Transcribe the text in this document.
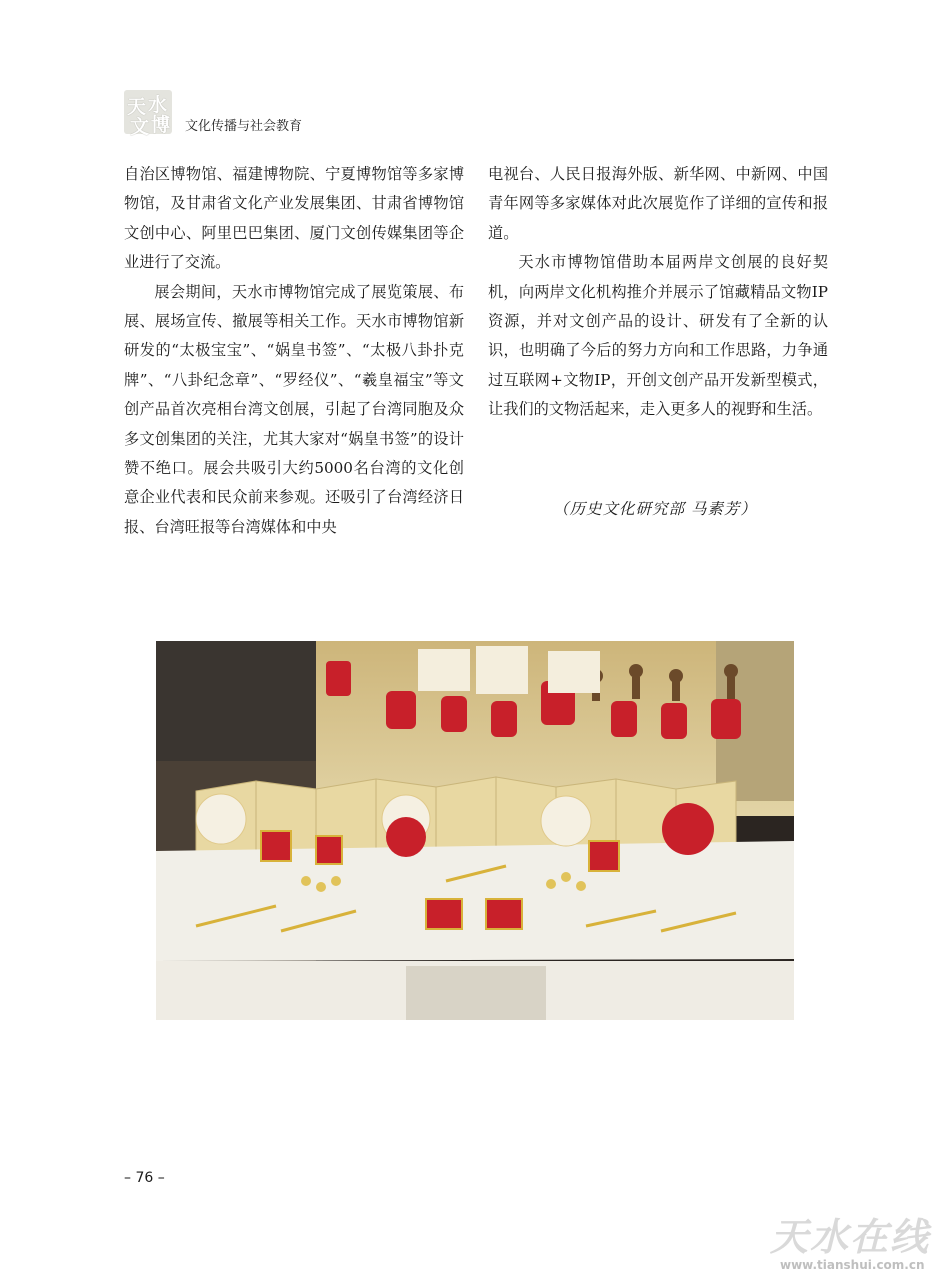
天 水
文 博 文化传播与社会教育

自治区博物馆、福建博物院、宁夏博物馆等多家博物馆，及甘肃省文化产业发展集团、甘肃省博物馆文创中心、阿里巴巴集团、厦门文创传媒集团等企业进行了交流。

展会期间，天水市博物馆完成了展览策展、布展、展场宣传、撤展等相关工作。天水市博物馆新研发的“太极宝宝”、“娲皇书签”、“太极八卦扑克牌”、“八卦纪念章”、“罗经仪”、“羲皇福宝”等文创产品首次亮相台湾文创展，引起了台湾同胞及众多文创集团的关注，尤其大家对“娲皇书签”的设计赞不绝口。展会共吸引大约5000名台湾的文化创意企业代表和民众前来参观。还吸引了台湾经济日报、台湾旺报等台湾媒体和中央

电视台、人民日报海外版、新华网、中新网、中国青年网等多家媒体对此次展览作了详细的宣传和报道。

天水市博物馆借助本届两岸文创展的良好契机，向两岸文化机构推介并展示了馆藏精品文物IP资源，并对文创产品的设计、研发有了全新的认识，也明确了今后的努力方向和工作思路，力争通过互联网+文物IP，开创文创产品开发新型模式，让我们的文物活起来，走入更多人的视野和生活。

（历史文化研究部 马素芳）
– 76 –
天水在线
www.tianshui.com.cn
